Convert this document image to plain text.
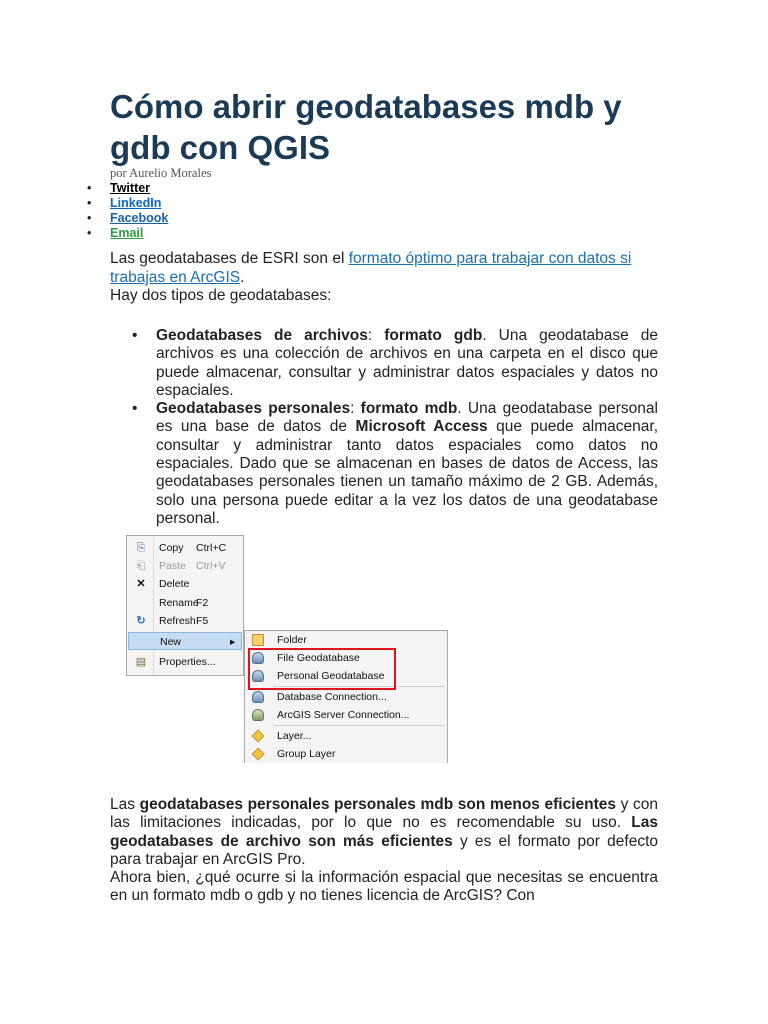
Cómo abrir geodatabases mdb y gdb con QGIS
por Aurelio Morales
• Twitter
• LinkedIn
• Facebook
• Email

Las geodatabases de ESRI son el formato óptimo para trabajar con datos si trabajas en ArcGIS.

Hay dos tipos de geodatabases:

• Geodatabases de archivos: formato gdb. Una geodatabase de archivos es una colección de archivos en una carpeta en el disco que puede almacenar, consultar y administrar datos espaciales y datos no espaciales.
• Geodatabases personales: formato mdb. Una geodatabase personal es una base de datos de Microsoft Access que puede almacenar, consultar y administrar tanto datos espaciales como datos no espaciales. Dado que se almacenan en bases de datos de Access, las geodatabases personales tienen un tamaño máximo de 2 GB. Además, solo una persona puede editar a la vez los datos de una geodatabase personal.
⎘ Copy Ctrl+C
⎗ Paste Ctrl+V
✕ Delete
Rename
F2
↻ Refresh F5
New	▸
▤ Properties...
Folder
File Geodatabase
Personal Geodatabase
Database Connection...
ArcGIS Server Connection...
Layer...
Group Layer

Las geodatabases personales personales mdb son menos eficientes y con las limitaciones indicadas, por lo que no es recomendable su uso. Las geodatabases de archivo son más eficientes y es el formato por defecto para trabajar en ArcGIS Pro.

Ahora bien, ¿qué ocurre si la información espacial que necesitas se encuentra en un formato mdb o gdb y no tienes licencia de ArcGIS? Con
